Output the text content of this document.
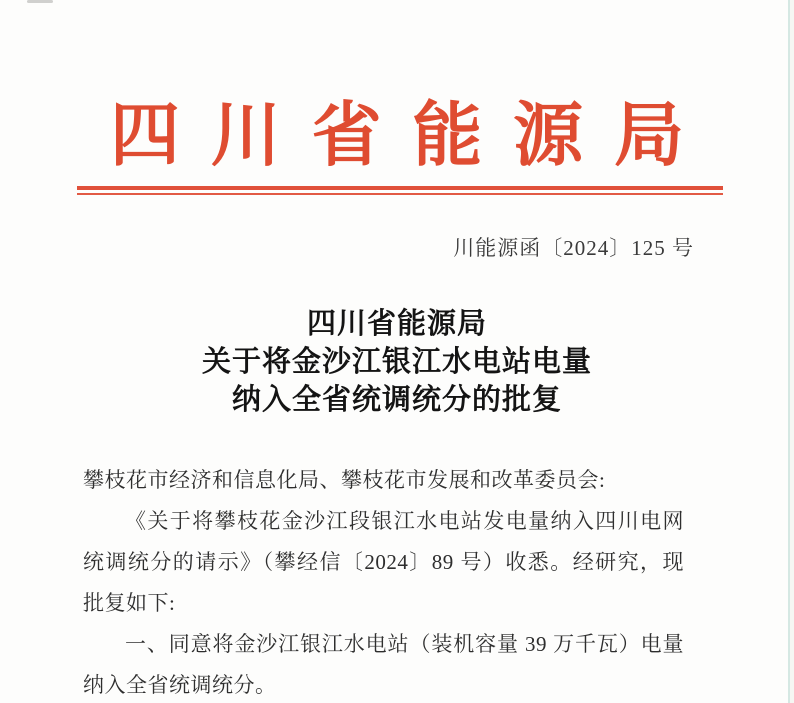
四川省能源局
川能源函〔2024〕125 号
四川省能源局
关于将金沙江银江水电站电量
纳入全省统调统分的批复

攀枝花市经济和信息化局、攀枝花市发展和改革委员会:

《关于将攀枝花金沙江段银江水电站发电量纳入四川电网

统调统分的请示》（攀经信〔2024〕89 号）收悉。经研究，现

批复如下:

一、同意将金沙江银江水电站（装机容量 39 万千瓦）电量

纳入全省统调统分。
